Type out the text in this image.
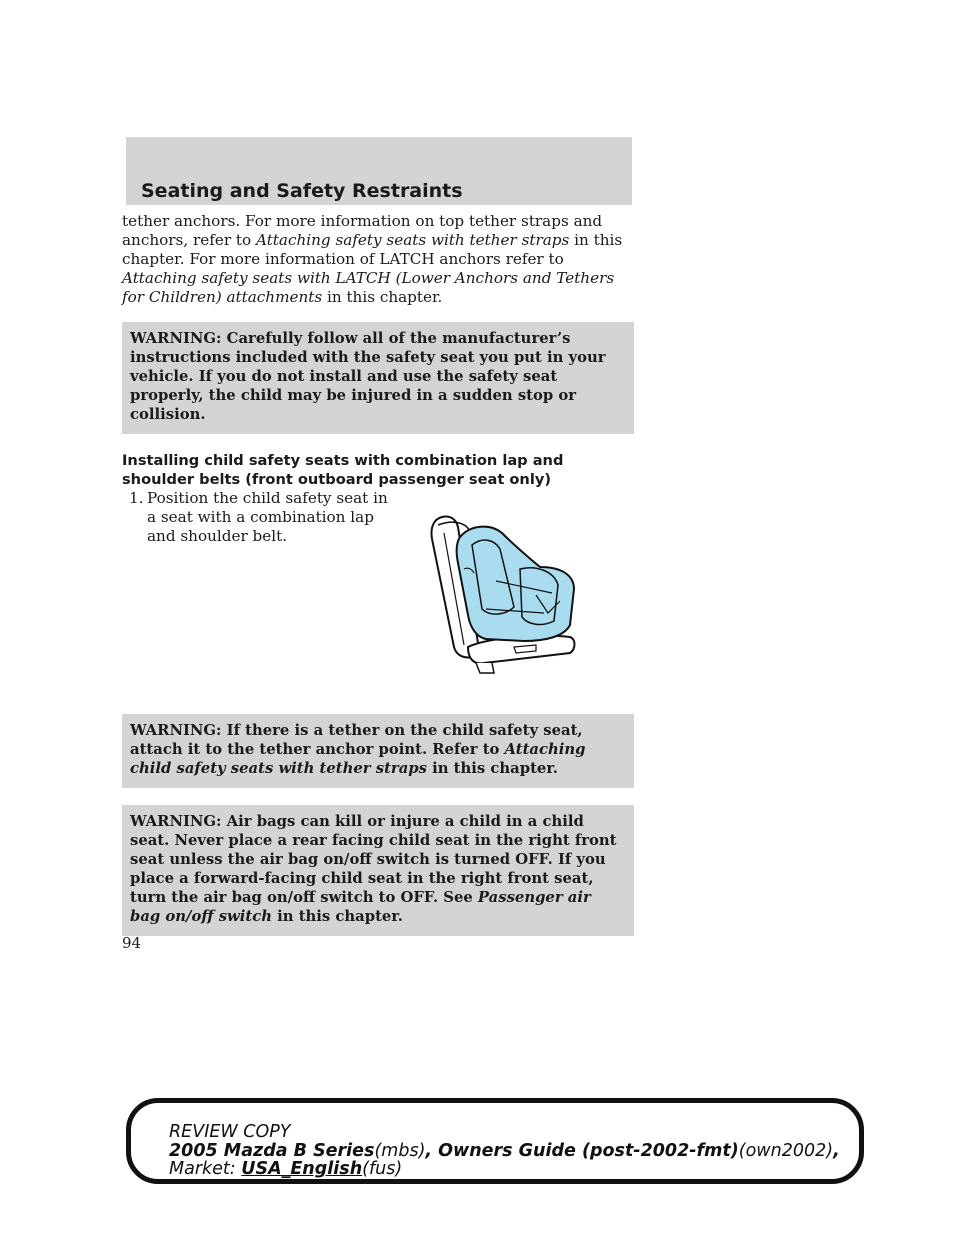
Seating and Safety Restraints

tether anchors. For more information on top tether straps and anchors, refer to Attaching safety seats with tether straps in this chapter. For more information of LATCH anchors refer to Attaching safety seats with LATCH (Lower Anchors and Tethers for Children) attachments in this chapter.

WARNING: Carefully follow all of the manufacturer’s instructions included with the safety seat you put in your vehicle. If you do not install and use the safety seat properly, the child may be injured in a sudden stop or collision.

Installing child safety seats with combination lap and shoulder belts (front outboard passenger seat only)

1. Position the child safety seat in a seat with a combination lap and shoulder belt.
WARNING: If there is a tether on the child safety seat, attach it to the tether anchor point. Refer to Attaching child safety seats with tether straps in this chapter.
WARNING: Air bags can kill or injure a child in a child seat. Never place a rear facing child seat in the right front seat unless the air bag on/off switch is turned OFF. If you place a forward-facing child seat in the right front seat, turn the air bag on/off switch to OFF. See Passenger air bag on/off switch in this chapter.
94
REVIEW COPY
2005 Mazda B Series(mbs), Owners Guide (post-2002-fmt)(own2002),
Market: USA_English(fus)
